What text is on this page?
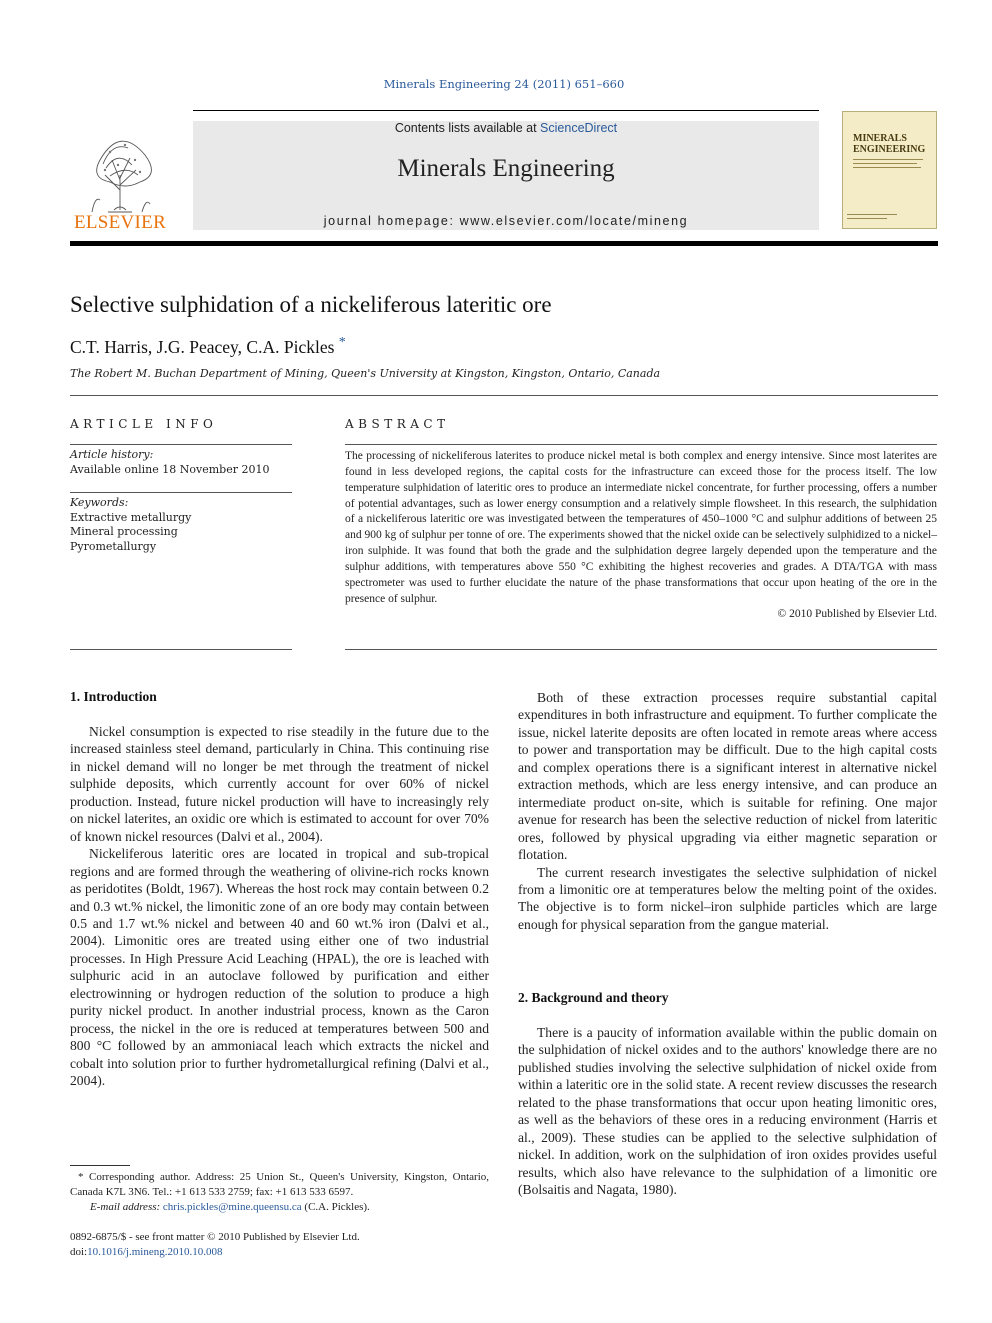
Minerals Engineering 24 (2011) 651–660
ELSEVIER
Contents lists available at ScienceDirect
Minerals Engineering
journal homepage: www.elsevier.com/locate/mineng
MINERALS
ENGINEERING
Selective sulphidation of a nickeliferous lateritic ore
C.T. Harris, J.G. Peacey, C.A. Pickles *
The Robert M. Buchan Department of Mining, Queen's University at Kingston, Kingston, Ontario, Canada
ARTICLE INFO
Article history:
Available online 18 November 2010
Keywords:
Extractive metallurgy
Mineral processing
Pyrometallurgy
ABSTRACT
The processing of nickeliferous laterites to produce nickel metal is both complex and energy intensive. Since most laterites are found in less developed regions, the capital costs for the infrastructure can exceed those for the process itself. The low temperature sulphidation of lateritic ores to produce an intermediate nickel concentrate, for further processing, offers a number of potential advantages, such as lower energy consumption and a relatively simple flowsheet. In this research, the sulphidation of a nickeliferous lateritic ore was investigated between the temperatures of 450–1000 °C and sulphur additions of between 25 and 900 kg of sulphur per tonne of ore. The experiments showed that the nickel oxide can be selectively sulphidized to a nickel–iron sulphide. It was found that both the grade and the sulphidation degree largely depended upon the temperature and the sulphur additions, with temperatures above 550 °C exhibiting the highest recoveries and grades. A DTA/TGA with mass spectrometer was used to further elucidate the nature of the phase transformations that occur upon heating of the ore in the presence of sulphur.
© 2010 Published by Elsevier Ltd.
1. Introduction

Nickel consumption is expected to rise steadily in the future due to the increased stainless steel demand, particularly in China. This continuing rise in nickel demand will no longer be met through the treatment of nickel sulphide deposits, which currently account for over 60% of nickel production. Instead, future nickel production will have to increasingly rely on nickel laterites, an oxidic ore which is estimated to account for over 70% of known nickel resources (Dalvi et al., 2004).

Nickeliferous lateritic ores are located in tropical and sub-tropical regions and are formed through the weathering of olivine-rich rocks known as peridotites (Boldt, 1967). Whereas the host rock may contain between 0.2 and 0.3 wt.% nickel, the limonitic zone of an ore body may contain between 0.5 and 1.7 wt.% nickel and between 40 and 60 wt.% iron (Dalvi et al., 2004). Limonitic ores are treated using either one of two industrial processes. In High Pressure Acid Leaching (HPAL), the ore is leached with sulphuric acid in an autoclave followed by purification and either electrowinning or hydrogen reduction of the solution to produce a high purity nickel product. In another industrial process, known as the Caron process, the nickel in the ore is reduced at temperatures between 500 and 800 °C followed by an ammoniacal leach which extracts the nickel and cobalt into solution prior to further hydrometallurgical refining (Dalvi et al., 2004).

* Corresponding author. Address: 25 Union St., Queen's University, Kingston, Ontario, Canada K7L 3N6. Tel.: +1 613 533 2759; fax: +1 613 533 6597.
E-mail address: chris.pickles@mine.queensu.ca (C.A. Pickles).
0892-6875/$ - see front matter © 2010 Published by Elsevier Ltd.
doi:10.1016/j.mineng.2010.10.008

Both of these extraction processes require substantial capital expenditures in both infrastructure and equipment. To further complicate the issue, nickel laterite deposits are often located in remote areas where access to power and transportation may be difficult. Due to the high capital costs and complex operations there is a significant interest in alternative nickel extraction methods, which are less energy intensive, and can produce an intermediate product on-site, which is suitable for refining. One major avenue for research has been the selective reduction of nickel from lateritic ores, followed by physical upgrading via either magnetic separation or flotation.

The current research investigates the selective sulphidation of nickel from a limonitic ore at temperatures below the melting point of the oxides. The objective is to form nickel–iron sulphide particles which are large enough for physical separation from the gangue material.

2. Background and theory

There is a paucity of information available within the public domain on the sulphidation of nickel oxides and to the authors' knowledge there are no published studies involving the selective sulphidation of nickel oxide from within a lateritic ore in the solid state. A recent review discusses the research related to the phase transformations that occur upon heating limonitic ores, as well as the behaviors of these ores in a reducing environment (Harris et al., 2009). These studies can be applied to the selective sulphidation of nickel. In addition, work on the sulphidation of iron oxides provides useful results, which also have relevance to the sulphidation of a limonitic ore (Bolsaitis and Nagata, 1980).
